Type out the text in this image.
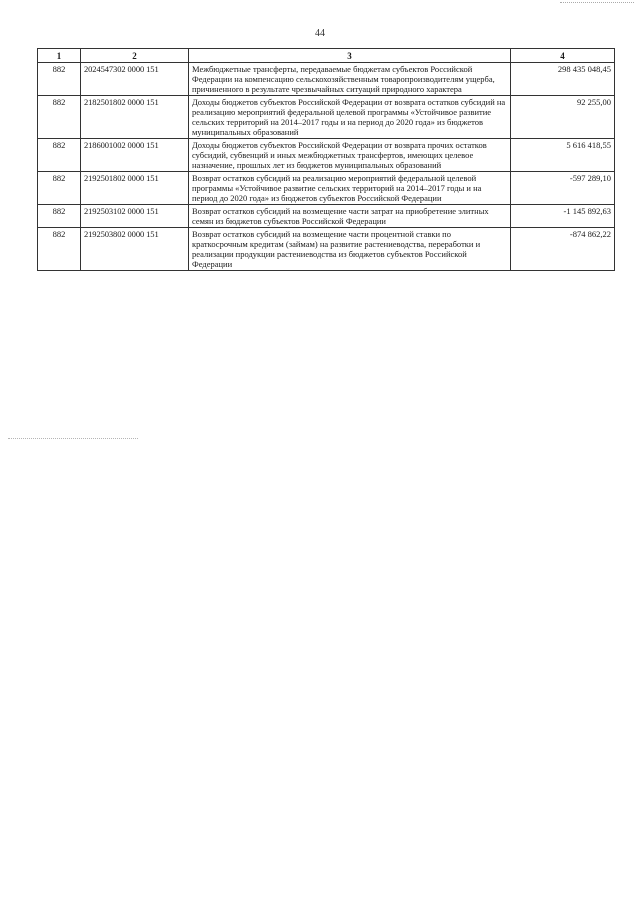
44
1	2	3	4
882	2024547302 0000 151	Межбюджетные трансферты, передаваемые бюджетам субъектов Российской Федерации на компенсацию сельскохозяйственным товаропроизводителям ущерба, причиненного в результате чрезвычайных ситуаций природного характера	298 435 048,45
882	2182501802 0000 151	Доходы бюджетов субъектов Российской Федерации от возврата остатков субсидий на реализацию мероприятий федеральной целевой программы «Устойчивое развитие сельских территорий на 2014–2017 годы и на период до 2020 года» из бюджетов муниципальных образований	92 255,00
882	2186001002 0000 151	Доходы бюджетов субъектов Российской Федерации от возврата прочих остатков субсидий, субвенций и иных межбюджетных трансфертов, имеющих целевое назначение, прошлых лет из бюджетов муниципальных образований	5 616 418,55
882	2192501802 0000 151	Возврат остатков субсидий на реализацию мероприятий федеральной целевой программы «Устойчивое развитие сельских территорий на 2014–2017 годы и на период до 2020 года» из бюджетов субъектов Российской Федерации	-597 289,10
882	2192503102 0000 151	Возврат остатков субсидий на возмещение части затрат на приобретение элитных семян из бюджетов субъектов Российской Федерации	-1 145 892,63
882	2192503802 0000 151	Возврат остатков субсидий на возмещение части процентной ставки по краткосрочным кредитам (займам) на развитие растениеводства, переработки и реализации продукции растениеводства из бюджетов субъектов Российской Федерации	-874 862,22
